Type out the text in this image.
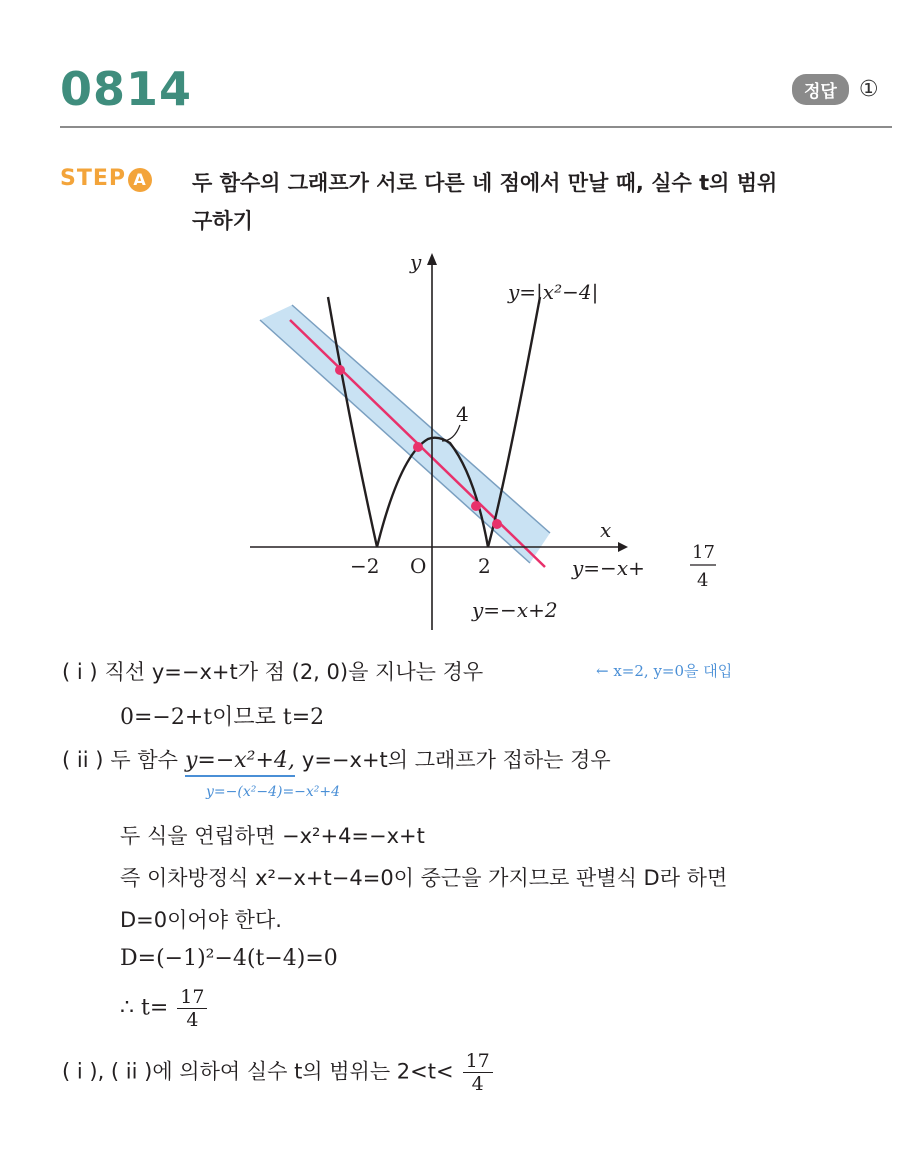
0814	정답	①
STEP A 두 함수의 그래프가 서로 다른 네 점에서 만날 때, 실수 t의 범위
구하기
y
x
O
−2	2
4
y=|x²−4|
y=−x+
17
4
y=−x+2
( i ) 직선 y=−x+t가 점 (2, 0)을 지나는 경우	← x=2, y=0을 대입
0=−2+t이므로 t=2
( ii ) 두 함수 y=−x²+4, y=−x+t의 그래프가 접하는 경우
y=−(x²−4)=−x²+4
두 식을 연립하면 −x²+4=−x+t
즉 이차방정식 x²−x+t−4=0이 중근을 가지므로 판별식 D라 하면
D=0이어야 한다.
D=(−1)²−4(t−4)=0
∴ $t= \frac{17}{4}$
( i ), ( ii )에 의하여 실수 t의 범위는 $2<t< \frac{17}{4}$
